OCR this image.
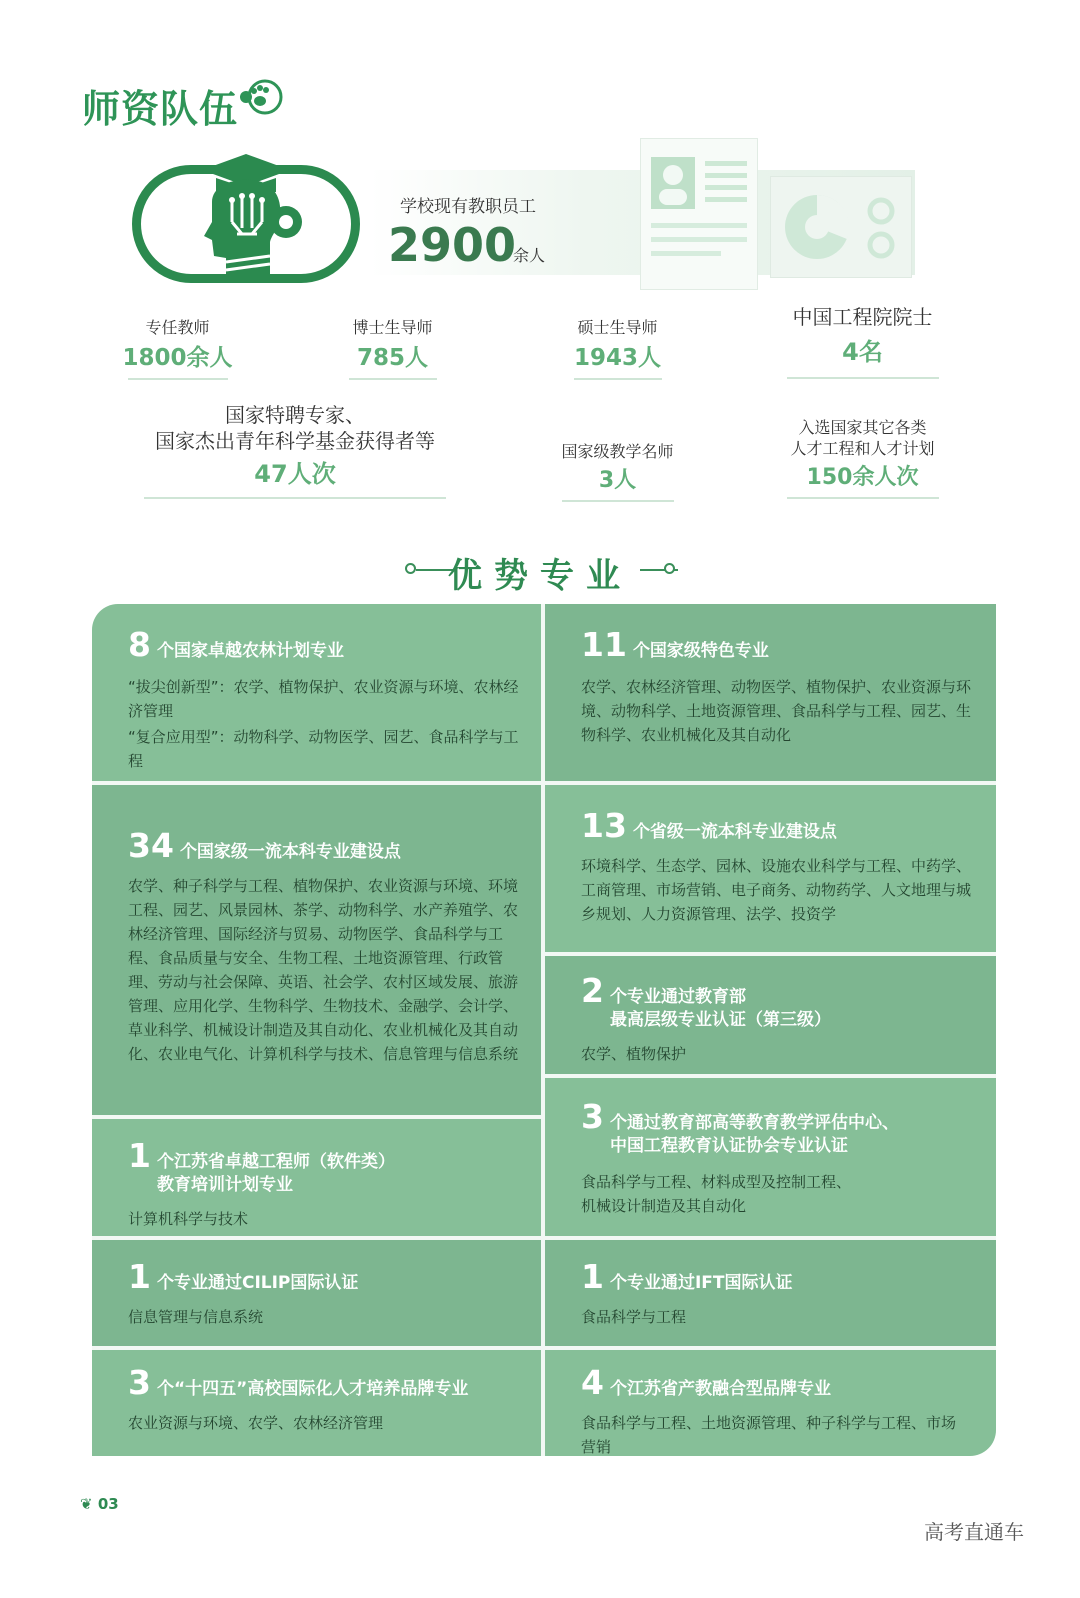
师资队伍
学校现有教职员工
2900
余人
专任教师
1800余人
博士生导师
785人
硕士生导师
1943人
中国工程院院士
4名
国家特聘专家、
国家杰出青年科学基金获得者等
47人次
国家级教学名师
3人
入选国家其它各类
人才工程和人才计划
150余人次
优势专业
8 个国家卓越农林计划专业

“拔尖创新型”：农学、植物保护、农业资源与环境、农林经济管理

“复合应用型”：动物科学、动物医学、园艺、食品科学与工程

11 个国家级特色专业

农学、农林经济管理、动物医学、植物保护、农业资源与环境、动物科学、土地资源管理、食品科学与工程、园艺、生物科学、农业机械化及其自动化

34 个国家级一流本科专业建设点

农学、种子科学与工程、植物保护、农业资源与环境、环境工程、园艺、风景园林、茶学、动物科学、水产养殖学、农林经济管理、国际经济与贸易、动物医学、食品科学与工程、食品质量与安全、生物工程、土地资源管理、行政管理、劳动与社会保障、英语、社会学、农村区域发展、旅游管理、应用化学、生物科学、生物技术、金融学、会计学、草业科学、机械设计制造及其自动化、农业机械化及其自动化、农业电气化、计算机科学与技术、信息管理与信息系统

13 个省级一流本科专业建设点

环境科学、生态学、园林、设施农业科学与工程、中药学、工商管理、市场营销、电子商务、动物药学、人文地理与城乡规划、人力资源管理、法学、投资学

2 个专业通过教育部
最高层级专业认证（第三级）

农学、植物保护

1 个江苏省卓越工程师（软件类）
教育培训计划专业

计算机科学与技术

3 个通过教育部高等教育教学评估中心、
中国工程教育认证协会专业认证

食品科学与工程、材料成型及控制工程、

机械设计制造及其自动化

1 个专业通过CILIP国际认证

信息管理与信息系统

1 个专业通过IFT国际认证

食品科学与工程

3 个“十四五”高校国际化人才培养品牌专业

农业资源与环境、农学、农林经济管理

4 个江苏省产教融合型品牌专业

食品科学与工程、土地资源管理、种子科学与工程、市场营销

❦ 03
高考直通车
